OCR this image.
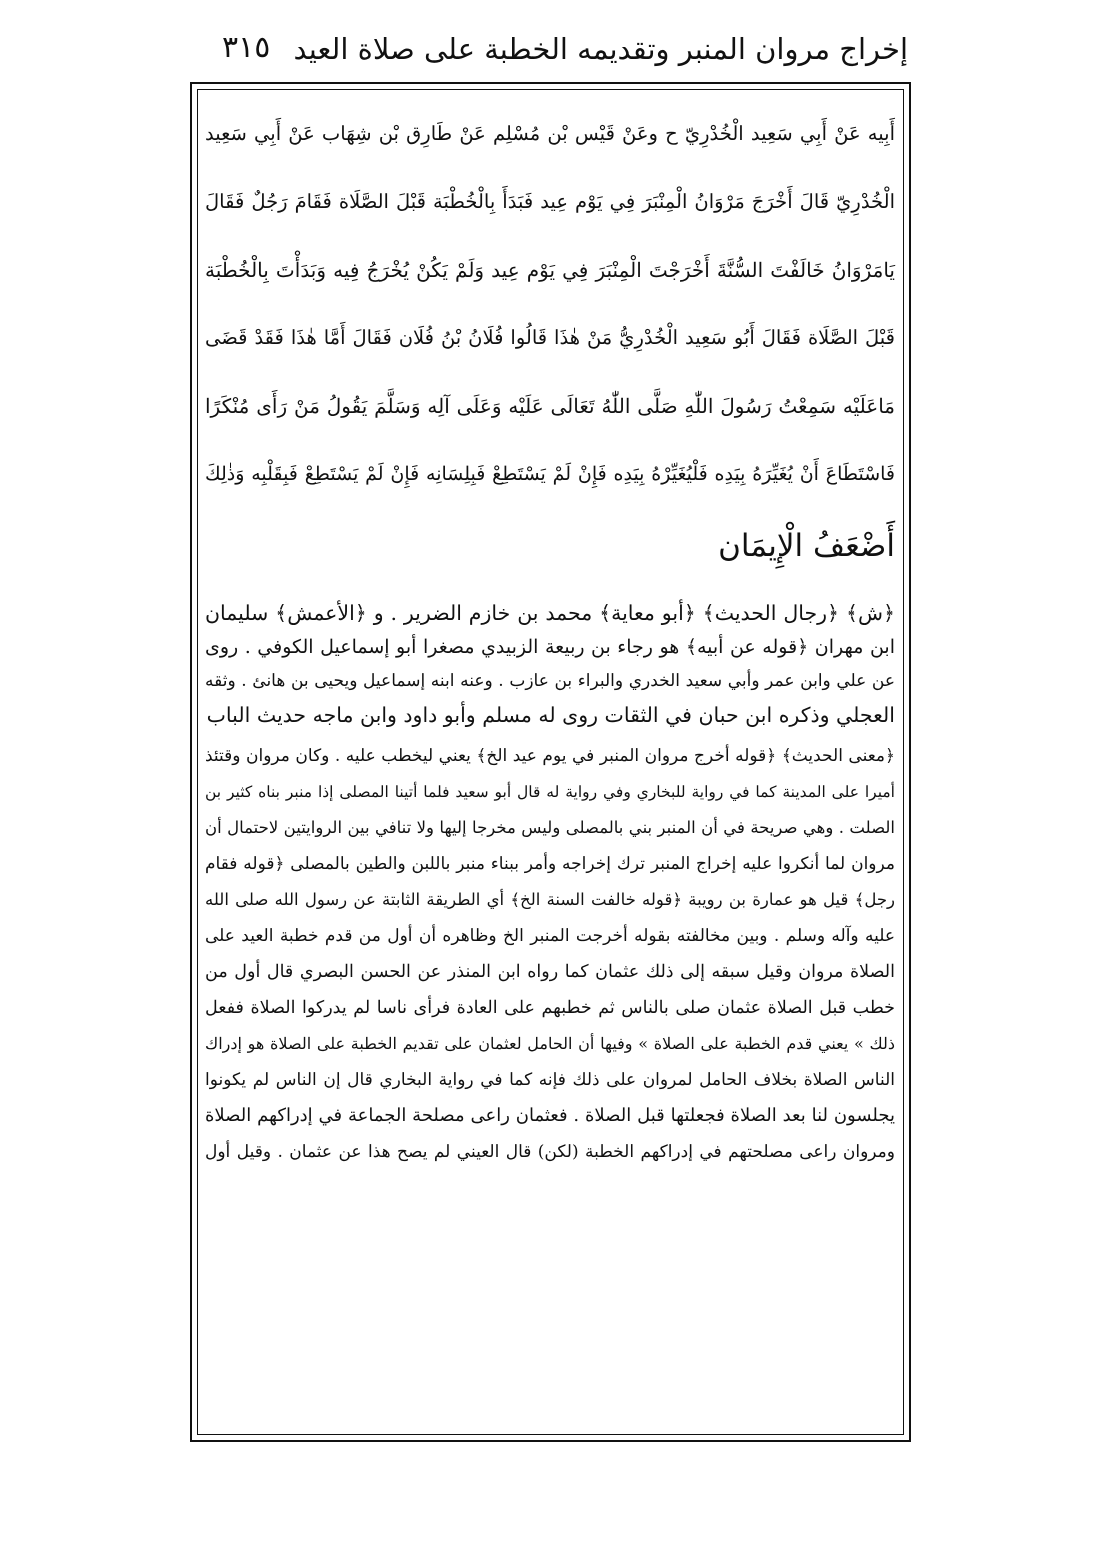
إخراج مروان المنبر وتقديمه الخطبة على صلاة العيد
٣١٥
أَبِيه عَنْ أَبِي سَعِيد الْخُدْرِيّ ح وعَنْ قَيْس بْن مُسْلِم عَنْ طَارِق بْن شِهَاب عَنْ أَبِي سَعِيد
الْخُدْرِيّ قَالَ أَخْرَجَ مَرْوَانُ الْمِنْبَرَ فِي يَوْم عِيد فَبَدَأَ بِالْخُطْبَة قَبْلَ الصَّلَاة فَقَامَ رَجُلٌ فَقَالَ
يَامَرْوَانُ خَالَفْتَ السُّنَّةَ أَخْرَجْتَ الْمِنْبَرَ فِي يَوْم عِيد وَلَمْ يَكُنْ يُخْرَجُ فِيه وَبَدَأْتَ بِالْخُطْبَة
قَبْلَ الصَّلَاة فَقَالَ أَبُو سَعِيد الْخُدْرِيُّ مَنْ هٰذَا قَالُوا فُلَانُ بْنُ فُلَان فَقَالَ أَمَّا هٰذَا فَقَدْ قَضَى
مَاعَلَيْه سَمِعْتُ رَسُولَ اللّٰهِ صَلَّى اللّٰهُ تَعَالَى عَلَيْه وَعَلَى آلِه وَسَلَّمَ يَقُولُ مَنْ رَأَى مُنْكَرًا
فَاسْتَطَاعَ أَنْ يُغَيِّرَهُ بِيَدِه فَلْيُغَيِّرْهُ بِيَدِه فَإِنْ لَمْ يَسْتَطِعْ فَبِلِسَانِه فَإِنْ لَمْ يَسْتَطِعْ فَبِقَلْبِه وَذٰلِكَ
أَضْعَفُ الْإِيمَان
﴿ش﴾ ﴿رجال الحديث﴾ ﴿أبو معاية﴾ محمد بن خازم الضرير . و ﴿الأعمش﴾ سليمان
ابن مهران ﴿قوله عن أبيه﴾ هو رجاء بن ربيعة الزبيدي مصغرا أبو إسماعيل الكوفي . روى
عن علي وابن عمر وأبي سعيد الخدري والبراء بن عازب . وعنه ابنه إسماعيل ويحيى بن هانئ . وثقه
العجلي وذكره ابن حبان في الثقات روى له مسلم وأبو داود وابن ماجه حديث الباب
﴿معنى الحديث﴾ ﴿قوله أخرج مروان المنبر في يوم عيد الخ﴾ يعني ليخطب عليه . وكان مروان وقتئذ
أميرا على المدينة كما في رواية للبخاري وفي رواية له قال أبو سعيد فلما أتينا المصلى إذا منبر بناه كثير بن
الصلت . وهي صريحة في أن المنبر بني بالمصلى وليس مخرجا إليها ولا تنافي بين الروايتين لاحتمال أن
مروان لما أنكروا عليه إخراج المنبر ترك إخراجه وأمر ببناء منبر باللبن والطين بالمصلى ﴿قوله فقام
رجل﴾ قيل هو عمارة بن رويبة ﴿قوله خالفت السنة الخ﴾ أي الطريقة الثابتة عن رسول الله صلى الله
عليه وآله وسلم . وبين مخالفته بقوله أخرجت المنبر الخ وظاهره أن أول من قدم خطبة العيد على
الصلاة مروان وقيل سبقه إلى ذلك عثمان كما رواه ابن المنذر عن الحسن البصري قال أول من
خطب قبل الصلاة عثمان صلى بالناس ثم خطبهم على العادة فرأى ناسا لم يدركوا الصلاة ففعل
ذلك » يعني قدم الخطبة على الصلاة » وفيها أن الحامل لعثمان على تقديم الخطبة على الصلاة هو إدراك
الناس الصلاة بخلاف الحامل لمروان على ذلك فإنه كما في رواية البخاري قال إن الناس لم يكونوا
يجلسون لنا بعد الصلاة فجعلتها قبل الصلاة . فعثمان راعى مصلحة الجماعة في إدراكهم الصلاة
ومروان راعى مصلحتهم في إدراكهم الخطبة (لكن) قال العيني لم يصح هذا عن عثمان . وقيل أول
